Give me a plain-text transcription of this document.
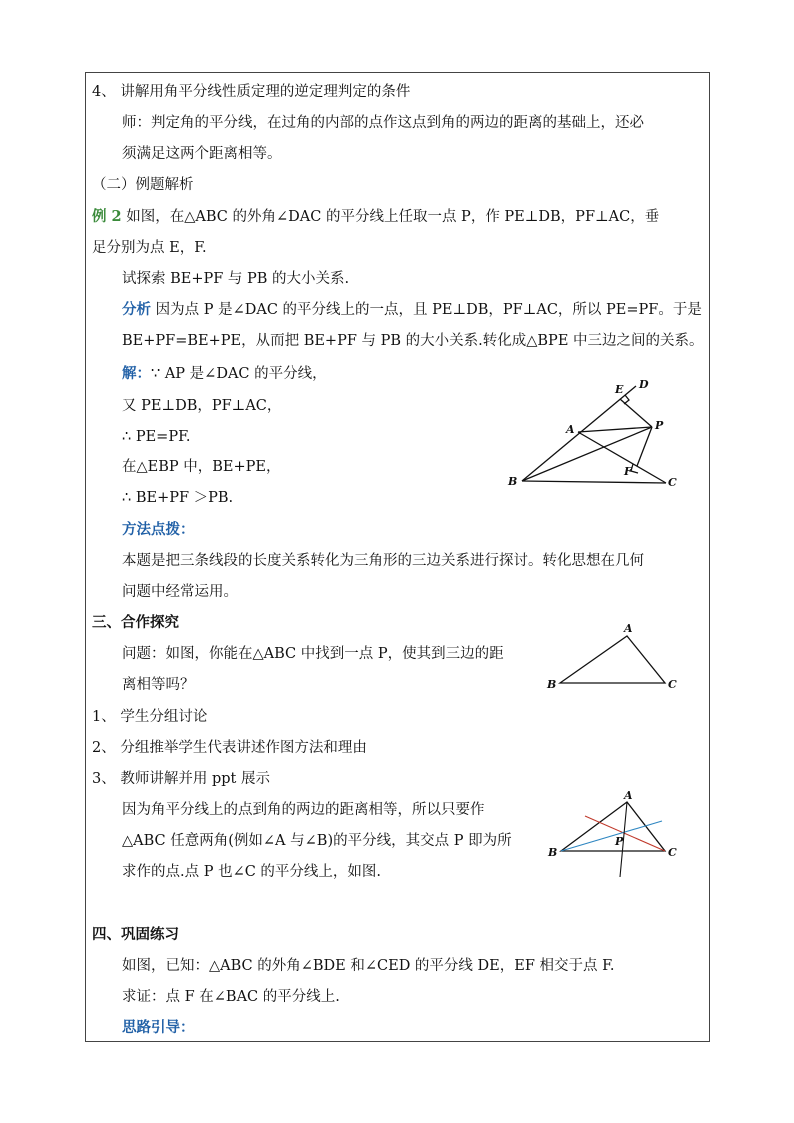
4、 讲解用角平分线性质定理的逆定理判定的条件
师：判定角的平分线，在过角的内部的点作这点到角的两边的距离的基础上，还必
须满足这两个距离相等。
（二）例题解析
例 2 如图，在△ABC 的外角∠DAC 的平分线上任取一点 P，作 PE⊥DB，PF⊥AC，垂
足分别为点 E，F.
试探索 BE+PF 与 PB 的大小关系.
分析 因为点 P 是∠DAC 的平分线上的一点，且 PE⊥DB，PF⊥AC，所以 PE=PF。于是
BE+PF=BE+PE，从而把 BE+PF 与 PB 的大小关系.转化成△BPE 中三边之间的关系。
解：∵ AP 是∠DAC 的平分线，
又 PE⊥DB，PF⊥AC，
∴ PE=PF.
在△EBP 中，BE+PE，
∴ BE+PF ＞PB.
方法点拨：
本题是把三条线段的长度关系转化为三角形的三边关系进行探讨。转化思想在几何
问题中经常运用。
三、合作探究
问题：如图，你能在△ABC 中找到一点 P，使其到三边的距
离相等吗？
1、 学生分组讨论
2、 分组推举学生代表讲述作图方法和理由
3、 教师讲解并用 ppt 展示
因为角平分线上的点到角的两边的距离相等，所以只要作
△ABC 任意两角(例如∠A 与∠B)的平分线，其交点 P 即为所
求作的点.点 P 也∠C 的平分线上，如图.
四、巩固练习
如图，已知：△ABC 的外角∠BDE 和∠CED 的平分线 DE，EF 相交于点 F.
求证：点 F 在∠BAC 的平分线上.
思路引导：
E D
A	P
F
B	C
A
B	C
A
B
P
C
